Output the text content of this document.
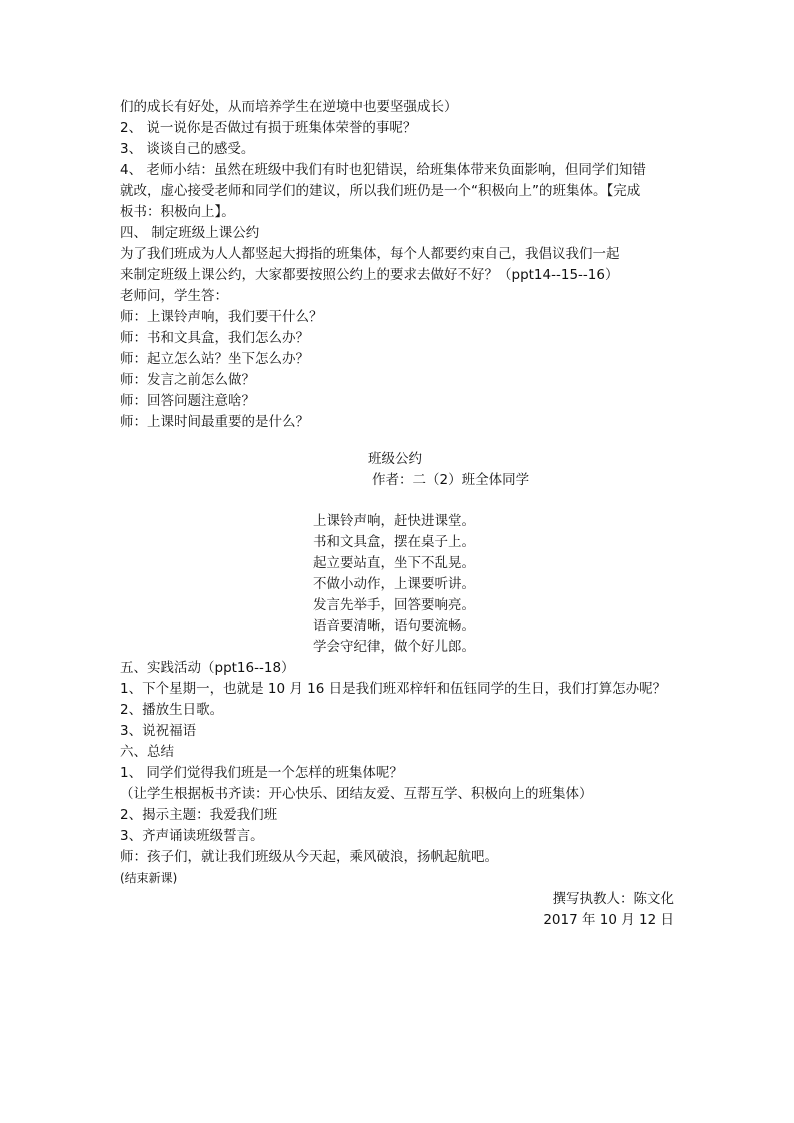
们的成长有好处，从而培养学生在逆境中也要坚强成长）
2、 说一说你是否做过有损于班集体荣誉的事呢？
3、 谈谈自己的感受。
4、 老师小结：虽然在班级中我们有时也犯错误，给班集体带来负面影响，但同学们知错
就改，虚心接受老师和同学们的建议，所以我们班仍是一个“积极向上”的班集体。【完成
板书：积极向上】。
四、 制定班级上课公约
为了我们班成为人人都竖起大拇指的班集体，每个人都要约束自己，我倡议我们一起
来制定班级上课公约，大家都要按照公约上的要求去做好不好？（ppt14--15--16）
老师问，学生答：
师：上课铃声响，我们要干什么？
师：书和文具盒，我们怎么办？
师：起立怎么站？坐下怎么办？
师：发言之前怎么做？
师：回答问题注意啥？
师：上课时间最重要的是什么？
班级公约
作者：二（2）班全体同学
上课铃声响，赶快进课堂。
书和文具盒，摆在桌子上。
起立要站直，坐下不乱晃。
不做小动作，上课要听讲。
发言先举手，回答要响亮。
语音要清晰，语句要流畅。
学会守纪律，做个好儿郎。
五、实践活动（ppt16--18）
1、下个星期一，也就是 10 月 16 日是我们班邓梓轩和伍钰同学的生日，我们打算怎办呢？
2、播放生日歌。
3、说祝福语
六、总结
1、 同学们觉得我们班是一个怎样的班集体呢？
（让学生根据板书齐读：开心快乐、团结友爱、互帮互学、积极向上的班集体）
2、揭示主题：我爱我们班
3、齐声诵读班级誓言。
师：孩子们，就让我们班级从今天起，乘风破浪，扬帆起航吧。
(结束新课)
撰写执教人：陈文化
2017 年 10 月 12 日
